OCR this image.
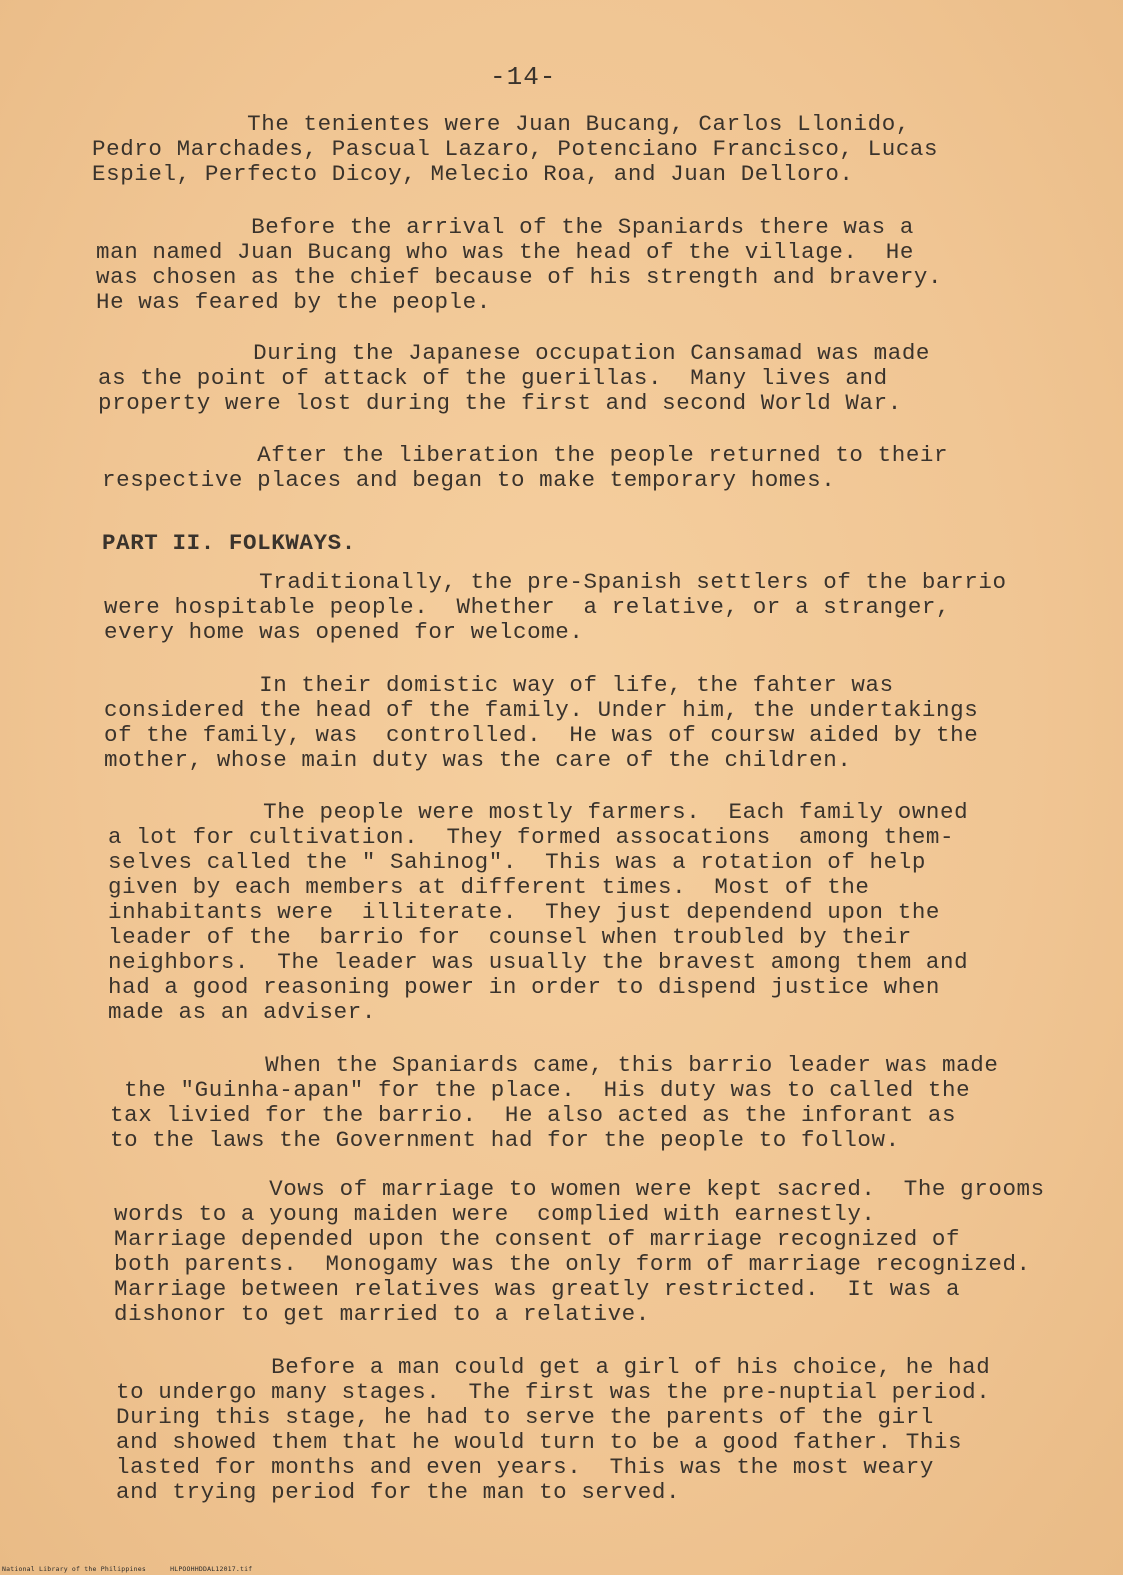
-14-

The tenientes were Juan Bucang, Carlos Llonido,
Pedro Marchades, Pascual Lazaro, Potenciano Francisco, Lucas
Espiel, Perfecto Dicoy, Melecio Roa, and Juan Delloro.

Before the arrival of the Spaniards there was a
man named Juan Bucang who was the head of the village.  He
was chosen as the chief because of his strength and bravery.
He was feared by the people.

During the Japanese occupation Cansamad was made
as the point of attack of the guerillas.  Many lives and
property were lost during the first and second World War.

After the liberation the people returned to their
respective places and began to make temporary homes.

PART II. FOLKWAYS.

Traditionally, the pre-Spanish settlers of the barrio
were hospitable people.  Whether  a relative, or a stranger,
every home was opened for welcome.

In their domistic way of life, the fahter was
considered the head of the family. Under him, the undertakings
of the family, was  controlled.  He was of coursw aided by the
mother, whose main duty was the care of the children.

The people were mostly farmers.  Each family owned
a lot for cultivation.  They formed assocations  among them-
selves called the " Sahinog".  This was a rotation of help
given by each members at different times.  Most of the
inhabitants were  illiterate.  They just dependend upon the
leader of the  barrio for  counsel when troubled by their
neighbors.  The leader was usually the bravest among them and
had a good reasoning power in order to dispend justice when
made as an adviser.

When the Spaniards came, this barrio leader was made
the "Guinha-apan" for the place.  His duty was to called the
tax livied for the barrio.  He also acted as the inforant as
to the laws the Government had for the people to follow.

Vows of marriage to women were kept sacred.  The grooms
words to a young maiden were  complied with earnestly.
Marriage depended upon the consent of marriage recognized of
both parents.  Monogamy was the only form of marriage recognized.
Marriage between relatives was greatly restricted.  It was a
dishonor to get married to a relative.

Before a man could get a girl of his choice, he had
to undergo many stages.  The first was the pre-nuptial period.
During this stage, he had to serve the parents of the girl
and showed them that he would turn to be a good father. This
lasted for months and even years.  This was the most weary
and trying period for the man to served.

National Library of the Philippines	HLPOOHHDDAL12017.tif
